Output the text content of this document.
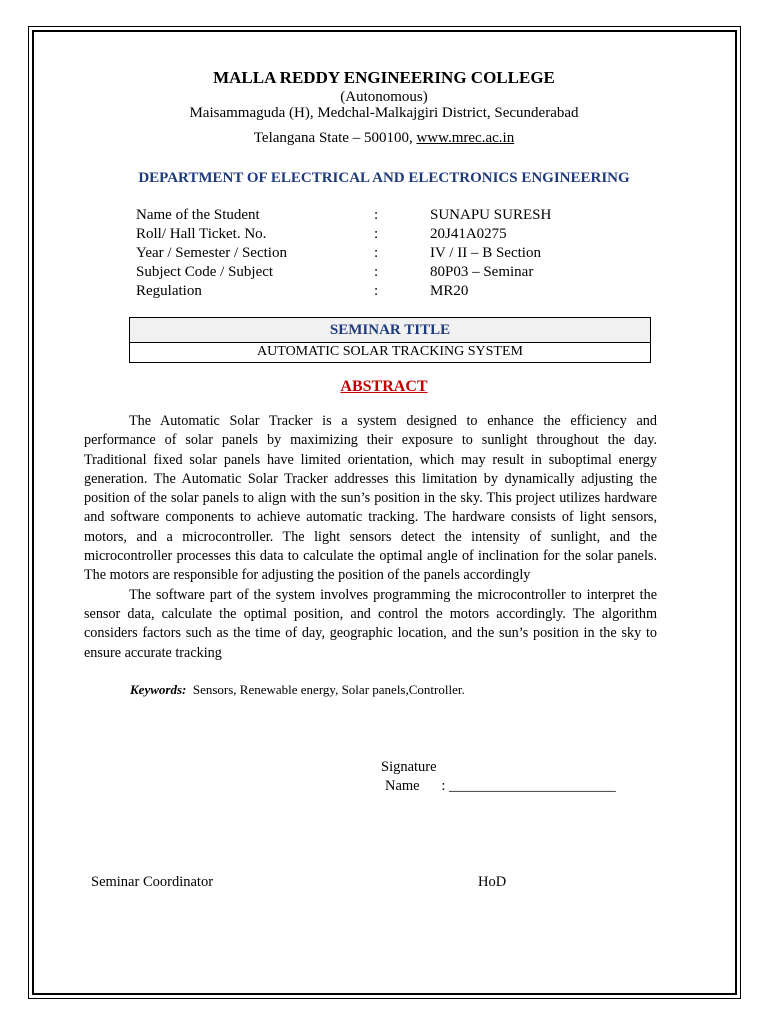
MALLA REDDY ENGINEERING COLLEGE
(Autonomous)
Maisammaguda (H), Medchal-Malkajgiri District, Secunderabad
Telangana State – 500100, www.mrec.ac.in
DEPARTMENT OF ELECTRICAL AND ELECTRONICS ENGINEERING
Name of the Student	:	SUNAPU SURESH
Roll/ Hall Ticket. No.	:	20J41A0275
Year / Semester / Section	:	IV / II – B Section
Subject Code / Subject	:	80P03 – Seminar
Regulation	:	MR20
SEMINAR TITLE
AUTOMATIC SOLAR TRACKING SYSTEM
ABSTRACT

The Automatic Solar Tracker is a system designed to enhance the efficiency and performance of solar panels by maximizing their exposure to sunlight throughout the day. Traditional fixed solar panels have limited orientation, which may result in suboptimal energy generation. The Automatic Solar Tracker addresses this limitation by dynamically adjusting the position of the solar panels to align with the sun’s position in the sky. This project utilizes hardware and software components to achieve automatic tracking. The hardware consists of light sensors, motors, and a microcontroller. The light sensors detect the intensity of sunlight, and the microcontroller processes this data to calculate the optimal angle of inclination for the solar panels. The motors are responsible for adjusting the position of the panels accordingly

The software part of the system involves programming the microcontroller to interpret the sensor data, calculate the optimal position, and control the motors accordingly. The algorithm considers factors such as the time of day, geographic location, and the sun’s position in the sky to ensure accurate tracking

Keywords: Sensors, Renewable energy, Solar panels,Controller.
Signature
Name : _______________________
Seminar Coordinator	HoD
